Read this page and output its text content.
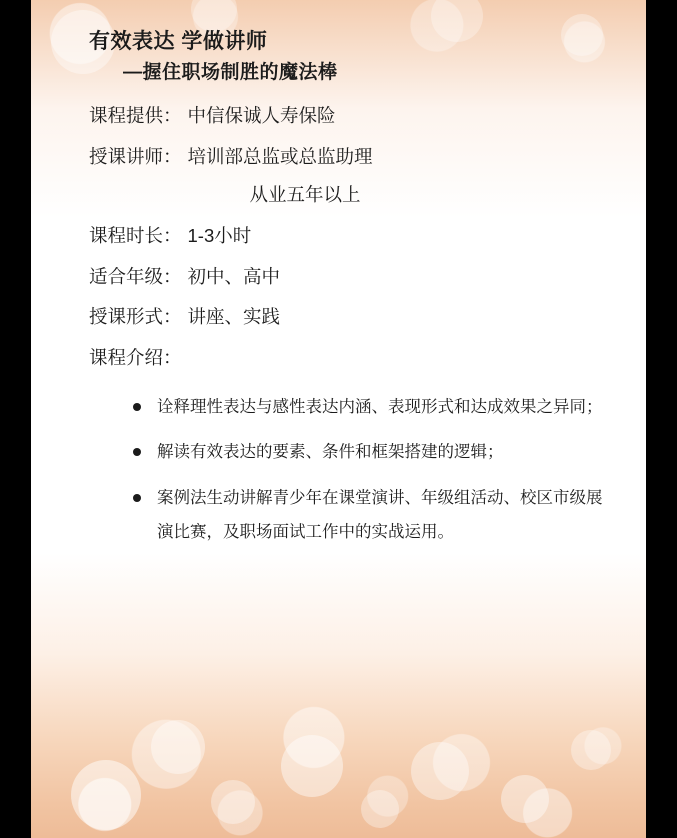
有效表达 学做讲师
—握住职场制胜的魔法棒
课程提供： 中信保诚人寿保险
授课讲师： 培训部总监或总监助理
从业五年以上
课程时长： 1-3小时
适合年级： 初中、高中
授课形式： 讲座、实践
课程介绍：
诠释理性表达与感性表达内涵、表现形式和达成效果之异同；
解读有效表达的要素、条件和框架搭建的逻辑；
案例法生动讲解青少年在课堂演讲、年级组活动、校区市级展演比赛，及职场面试工作中的实战运用。
